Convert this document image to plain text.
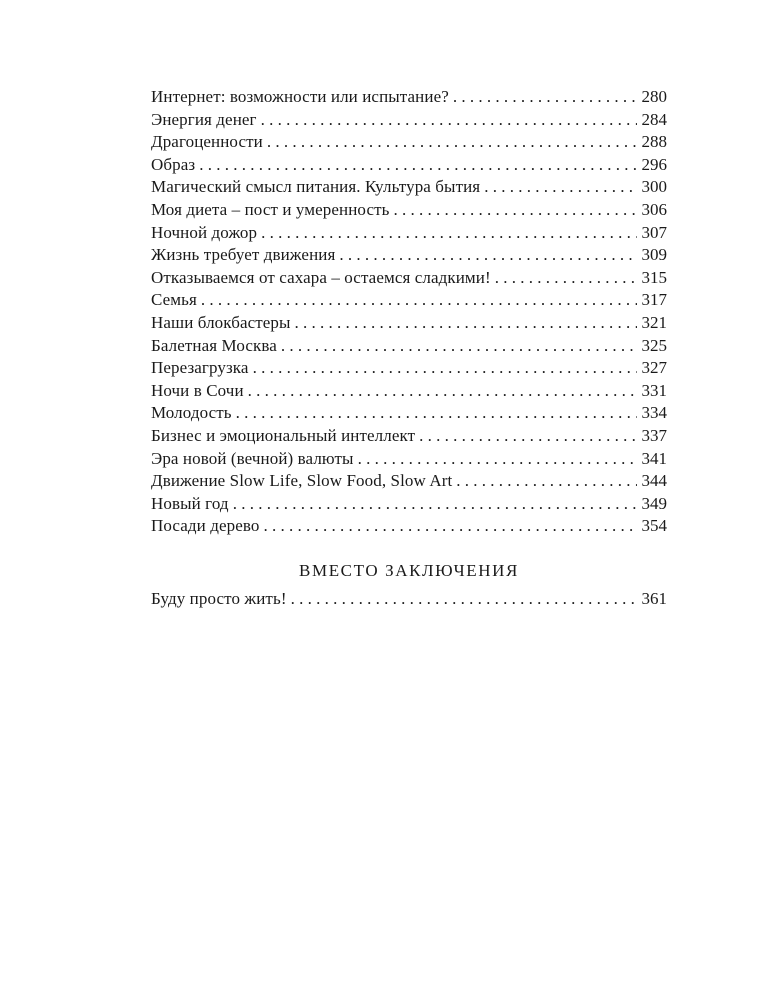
Интернет: возможности или испытание? . . .	280
Энергия денег . . .	284
Драгоценности . . .	288
Образ . . .	296
Магический смысл питания. Культура бытия . . .	300
Моя диета – пост и умеренность . . .	306
Ночной дожор . . .	307
Жизнь требует движения . . .	309
Отказываемся от сахара – остаемся сладкими! . . .	315
Семья . . .	317
Наши блокбастеры . . .	321
Балетная Москва . . .	325
Перезагрузка . . .	327
Ночи в Сочи . . .	331
Молодость . . .	334
Бизнес и эмоциональный интеллект . . .	337
Эра новой (вечной) валюты . . .	341
Движение Slow Life, Slow Food, Slow Art . . .	344
Новый год . . .	349
Посади дерево . . .	354
ВМЕСТО ЗАКЛЮЧЕНИЯ
Буду просто жить! . . .	361
